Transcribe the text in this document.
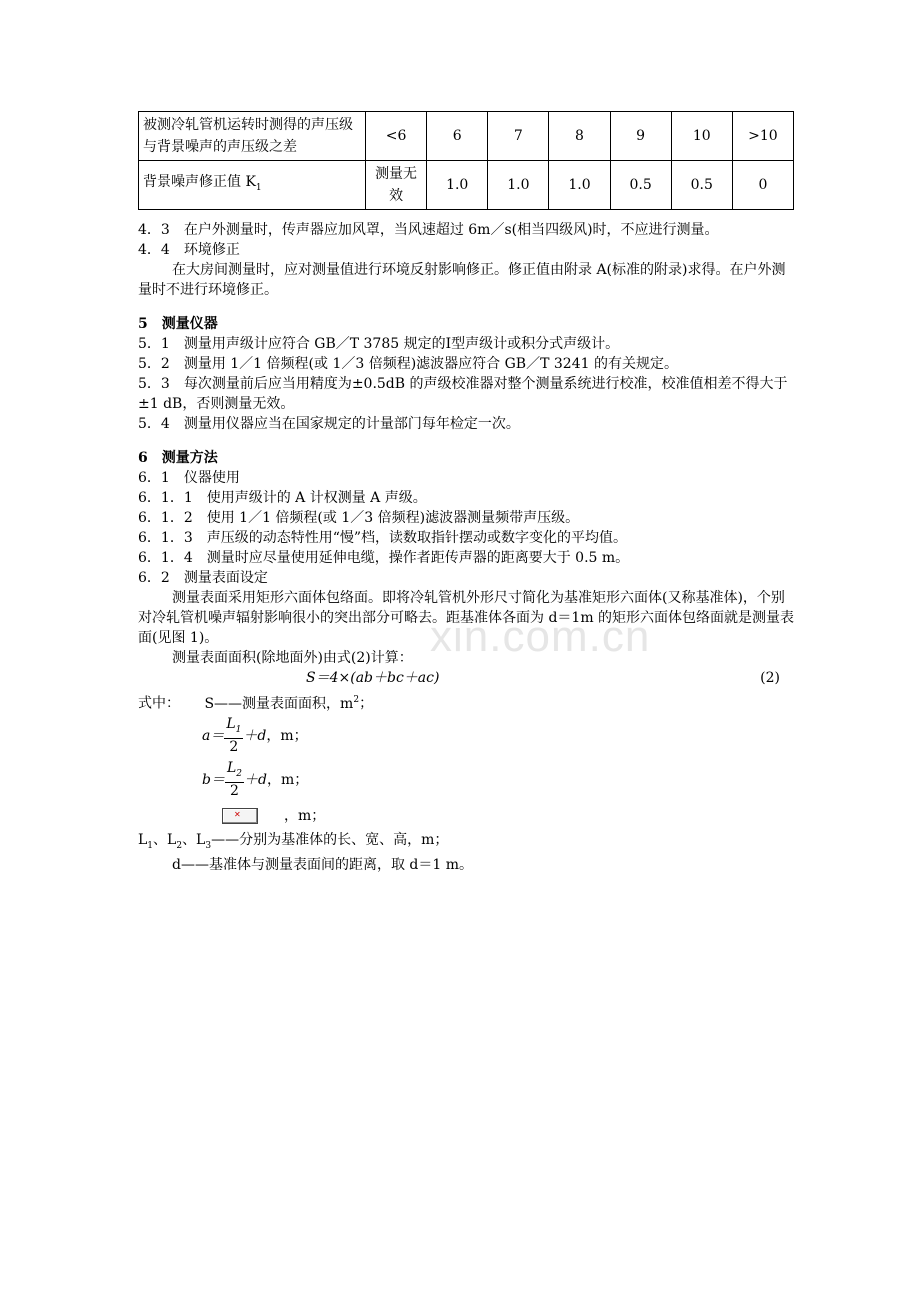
xin.com.cn
被测冷轧管机运转时测得的声压级与背景噪声的声压级之差	<6	6	7	8	9	10	>10
背景噪声修正值 $K_1$	测量无效	1.0	1.0	1.0	0.5	0.5	0
4．3　在户外测量时，传声器应加风罩，当风速超过 6m／s(相当四级风)时，不应进行测量。
4．4　环境修正
在大房间测量时，应对测量值进行环境反射影响修正。修正值由附录 A(标准的附录)求得。在户外测量时不进行环境修正。
5　测量仪器
5．1　测量用声级计应符合 GB／T 3785 规定的Ⅰ型声级计或积分式声级计。
5．2　测量用 1／1 倍频程(或 1／3 倍频程)滤波器应符合 GB／T 3241 的有关规定。
5．3　每次测量前后应当用精度为±0.5dB 的声级校准器对整个测量系统进行校准，校准值相差不得大于±1 dB，否则测量无效。
5．4　测量用仪器应当在国家规定的计量部门每年检定一次。
6　测量方法
6．1　仪器使用
6．1．1　使用声级计的 A 计权测量 A 声级。
6．1．2　使用 1／1 倍频程(或 1／3 倍频程)滤波器测量频带声压级。
6．1．3　声压级的动态特性用“慢”档，读数取指针摆动或数字变化的平均值。
6．1．4　测量时应尽量使用延伸电缆，操作者距传声器的距离要大于 0.5 m。
6．2　测量表面设定
测量表面采用矩形六面体包络面。即将冷轧管机外形尺寸简化为基准矩形六面体(又称基准体)，个别对冷轧管机噪声辐射影响很小的突出部分可略去。距基准体各面为 d＝1m 的矩形六面体包络面就是测量表面(见图 1)。
测量表面面积(除地面外)由式(2)计算：
S＝4×(ab＋bc＋ac)	(2)
式中： S——测量表面面积，$m^2$；
$a= \frac{L_1}{2} +d$ ，m；
$b= \frac{L_2}{2} +d$ ，m；
✕	，m；
$L_1$、$L_2$、$L_3——$分别为基准体的长、宽、高，m；
d——基准体与测量表面间的距离，取 d＝1 m。
